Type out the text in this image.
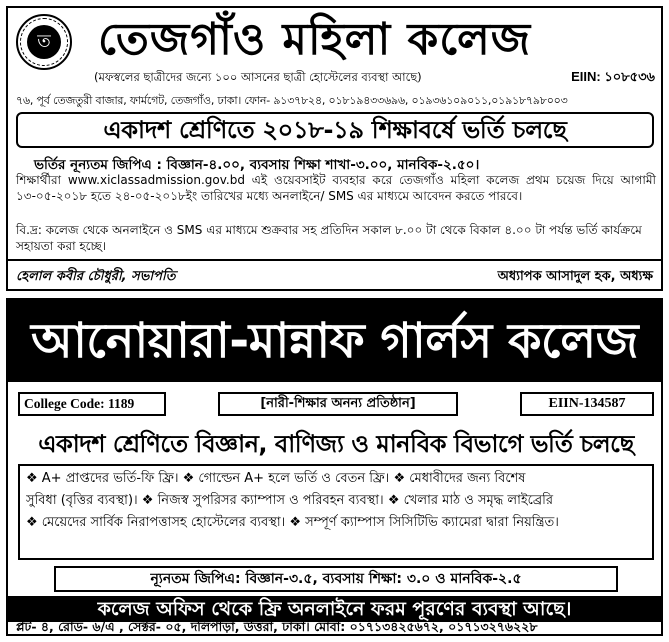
ত তেজগাঁও মহিলা কলেজ
(মফস্বলের ছাত্রীদের জন্যে ১০০ আসনের ছাত্রী হোস্টেলের ব্যবস্থা আছে)	EIIN: ১০৮৫৩৬
৭৬, পূর্ব তেজতুরী বাজার, ফার্মগেট, তেজগাঁও, ঢাকা। ফোন- ৯১৩৭৮২৪, ০১৮১৯৪৩৩৬৯৬, ০১৯৩৬১০৯০১১,০১৯১৮৭৯৮০০৩
একাদশ শ্রেণিতে ২০১৮-১৯ শিক্ষাবর্ষে ভর্তি চলছে
ভর্তির নূন্যতম জিপিএ : বিজ্ঞান-৪.০০, ব্যবসায় শিক্ষা শাখা-৩.০০, মানবিক-২.৫০।
শিক্ষার্থীরা www.xiclassadmission.gov.bd এই ওয়েবসাইট ব্যবহার করে তেজগাঁও মহিলা কলেজ প্রথম চয়েজ দিয়ে আগামী ১৩-০৫-২০১৮ হতে ২৪-০৫-২০১৮ইং তারিখের মধ্যে অনলাইনে/ SMS এর মাধ্যমে আবেদন করতে পারবে।
বি.দ্র: কলেজ থেকে অনলাইনে ও SMS এর মাধ্যমে শুক্রবার সহ প্রতিদিন সকাল ৮.০০ টা থেকে বিকাল ৪.০০ টা পর্যন্ত ভর্তি কার্যক্রমে সহায়তা করা হচ্ছে।
হেলাল কবীর চৌধুরী, সভাপতি	অধ্যাপক আসাদুল হক, অধ্যক্ষ
আনোয়ারা-মান্নাফ গার্লস কলেজ
College Code: 1189	[নারী-শিক্ষার অনন্য প্রতিষ্ঠান]	EIIN-134587
একাদশ শ্রেণিতে বিজ্ঞান, বাণিজ্য ও মানবিক বিভাগে ভর্তি চলছে
❖ A+ প্রাপ্তদের ভর্তি-ফি ফ্রি। ❖ গোল্ডেন A+ হলে ভর্তি ও বেতন ফ্রি। ❖ মেধাবীদের জন্য বিশেষ
সুবিধা (বৃত্তির ব্যবস্থা)। ❖ নিজস্ব সুপরিসর ক্যাম্পাস ও পরিবহন ব্যবস্থা। ❖ খেলার মাঠ ও সমৃদ্ধ লাইব্রেরি
❖ মেয়েদের সার্বিক নিরাপত্তাসহ হোস্টেলের ব্যবস্থা। ❖ সম্পূর্ণ ক্যাম্পাস সিসিটিভি ক্যামেরা দ্বারা নিয়ন্ত্রিত।
ন্যূনতম জিপিএ: বিজ্ঞান-৩.৫, ব্যবসায় শিক্ষা: ৩.০ ও মানবিক-২.৫
কলেজ অফিস থেকে ফ্রি অনলাইনে ফরম পূরণের ব্যবস্থা আছে।
প্লট- ৪, রোড- ৬/এ , সেক্টর- ০৫, দলিপাড়া, উত্তরা, ঢাকা। মোবা: ০১৭১৩৪২৫৬৭২, ০১৭১৩২৭৬২২৮
